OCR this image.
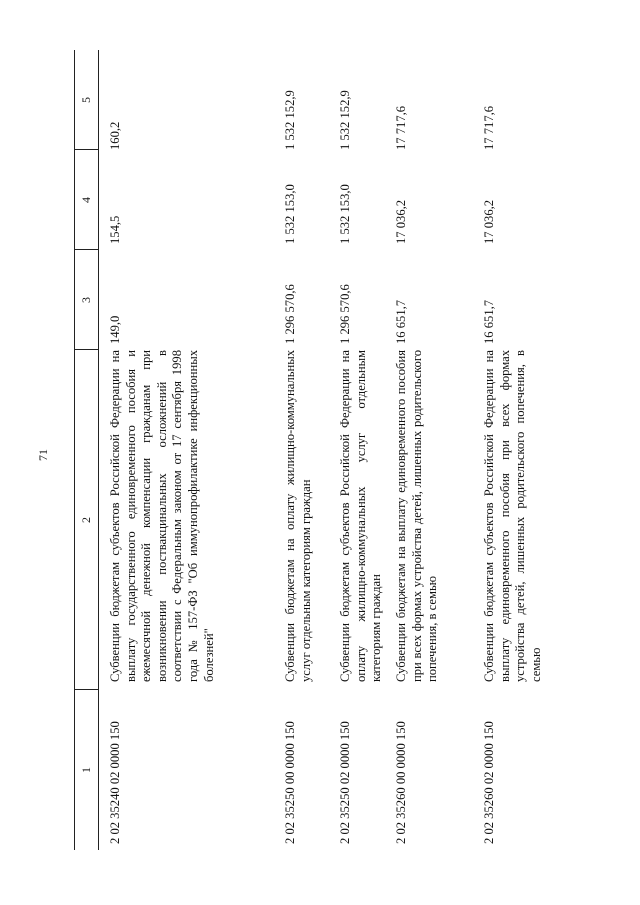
71
1
2
3
4
5
2 02 35240 02 0000 150
Субвенции бюджетам субъектов Российской Федерации на выплату государственного единовременного пособия и ежемесячной денежной компенсации гражданам при возникновении поствакцинальных осложнений в соответствии с Федеральным законом от 17 сентября 1998 года № 157-ФЗ "Об иммунопрофилактике инфекционных болезней"
149,0
154,5
160,2
2 02 35250 00 0000 150
Субвенции бюджетам на оплату жилищно-коммунальных услуг отдельным категориям граждан
1 296 570,6
1 532 153,0
1 532 152,9
2 02 35250 02 0000 150
Субвенции бюджетам субъектов Российской Федерации на оплату жилищно-коммунальных услуг отдельным категориям граждан
1 296 570,6
1 532 153,0
1 532 152,9
2 02 35260 00 0000 150
Субвенции бюджетам на выплату единовременного пособия при всех формах устройства детей, лишенных родительского попечения, в семью
16 651,7
17 036,2
17 717,6
2 02 35260 02 0000 150
Субвенции бюджетам субъектов Российской Федерации на выплату единовременного пособия при всех формах устройства детей, лишенных родительского попечения, в семью
16 651,7
17 036,2
17 717,6
